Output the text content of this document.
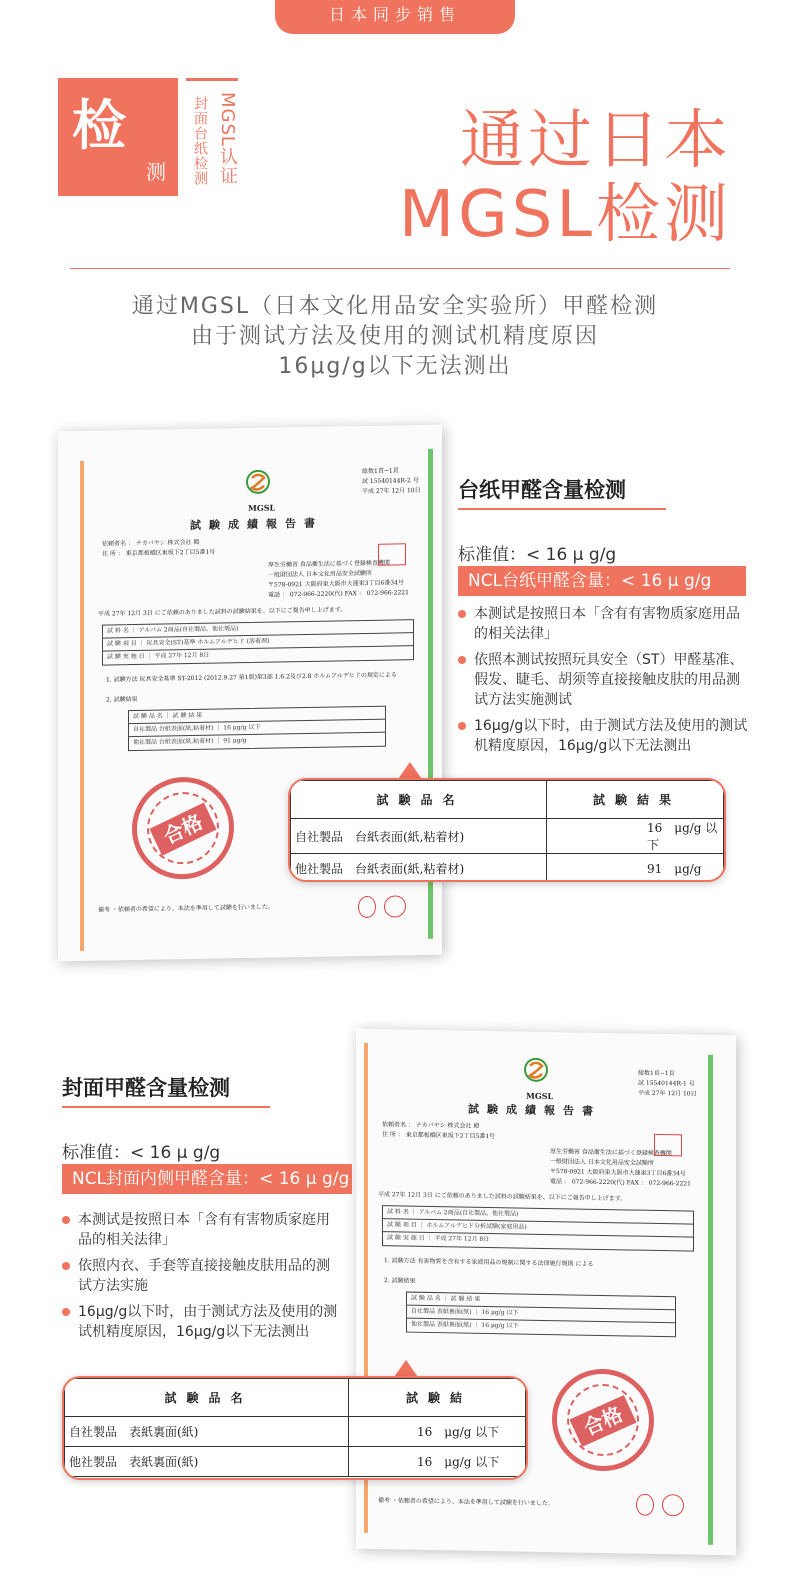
日本同步销售
检
测	MGSL认证
封面台纸检测	通过日本
MGSL检测
通过MGSL（日本文化用品安全实验所）甲醛检测
由于测试方法及使用的测试机精度原因
16μg/g以下无法测出
MGSL
総数1頁−1頁
試 15540144R-2 号
平成 27年 12月 10日
試験成績報告書
依頼者名 ： ナカバヤシ 株式会社 殿
住 所 ： 東京都板橋区東坂下2丁目5番1号
厚生労働省 食品衛生法に基づく登録検査機関
一般財団法人 日本文化用品安全試験所
〒578-0921 大阪府東大阪市大蓮東3丁目6番34号
電話 ： 072-966-2220(代) FAX ： 072-966-2221
平成 27年 12月 3日 にご依頼のありました試料の試験結果を、以下にご報告申し上げます。
試 料 名 ｜ アルバム 2商品(自社製品、他社製品)
試 験 項 目 ｜ 玩具安全(ST)基準 ホルムアルデヒド (溶着剤)
試 験 実 施 日 ｜ 平成 27年 12月 8日
1. 試験方法 玩具安全基準 ST-2012 (2012.9.27 第1版)第3部 1.6.2及び2.8 ホルムアルデヒドの規定による
2. 試験結果
試 験 品 名 ｜ 試 験 結 果
自社製品 台紙表面(紙,粘着材) ｜ 16 μg/g 以下
他社製品 台紙表面(紙,粘着材) ｜ 91 μg/g
備考 ・依頼者の希望により、本法を準用して試験を行いました。
合格
試験品名	試験結果
自社製品　台紙表面(紙,粘着材)	16　μg/g 以下
他社製品　台紙表面(紙,粘着材)	91　μg/g
台纸甲醛含量检测
标准值：< 16 μ g/g
NCL台纸甲醛含量：< 16 μ g/g
本测试是按照日本「含有有害物质家庭用品的相关法律」
依照本测试按照玩具安全（ST）甲醛基准、假发、睫毛、胡须等直接接触皮肤的用品测试方法实施测试
16μg/g以下时，由于测试方法及使用的测试机精度原因，16μg/g以下无法测出
MGSL
総数1頁−1頁
試 15540144R-1 号
平成 27年 12月 10日
試験成績報告書
依頼者名 ： ナカバヤシ 株式会社 殿
住 所 ： 東京都板橋区東坂下2丁目5番1号
厚生労働省 食品衛生法に基づく登録検査機関
一般財団法人 日本文化用品安全試験所
〒578-0921 大阪府東大阪市大蓮東3丁目6番34号
電話 ： 072-966-2220(代) FAX ： 072-966-2221
平成 27年 12月 3日 にご依頼のありました試料の試験結果を、以下にご報告申し上げます。
試 料 名 ｜ アルバム 2商品(自社製品、他社製品)
試 験 項 目 ｜ ホルムアルデヒド分析試験(家庭用品)
試 験 実 施 日 ｜ 平成 27年 12月 8日
1. 試験方法 有害物質を含有する家庭用品の規制に関する法律施行規則 による
2. 試験結果
試 験 品 名 ｜ 試 験 結 果
自社製品 表紙裏面(紙) ｜ 16 μg/g 以下
他社製品 表紙裏面(紙) ｜ 16 μg/g 以下
備考 ・依頼者の希望により、本法を準用して試験を行いました。
合格
試験品名	試験結
自社製品　表紙裏面(紙)	16　μg/g 以下
他社製品　表紙裏面(紙)	16　μg/g 以下
封面甲醛含量检测
标准值：< 16 μ g/g
NCL封面内侧甲醛含量：< 16 μ g/g
本测试是按照日本「含有有害物质家庭用品的相关法律」
依照内衣、手套等直接接触皮肤用品的测试方法实施
16μg/g以下时，由于测试方法及使用的测试机精度原因，16μg/g以下无法测出
